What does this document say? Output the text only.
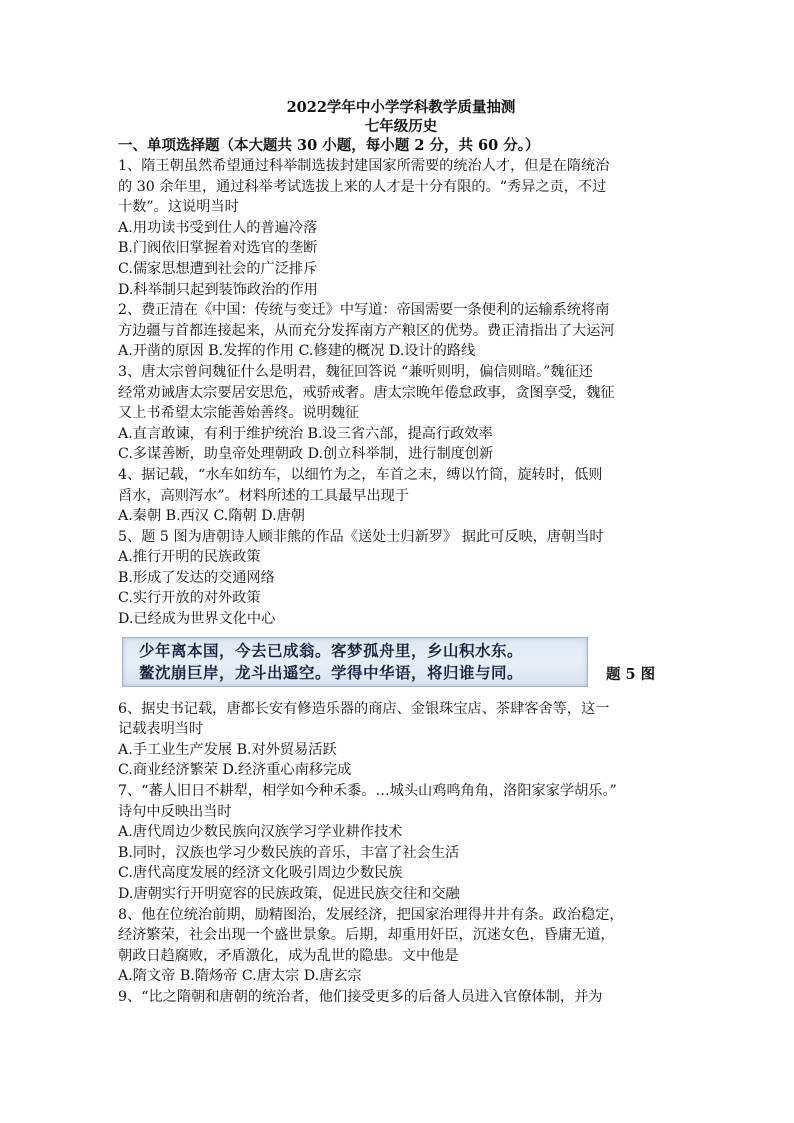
2022学年中小学学科教学质量抽测

七年级历史

一、单项选择题（本大题共 30 小题，每小题 2 分，共 60 分。）

1、隋王朝虽然希望通过科举制选拔封建国家所需要的统治人才，但是在隋统治

的 30 余年里，通过科举考试选拔上来的人才是十分有限的。“秀异之贡，不过

十数”。这说明当时

A.用功读书受到仕人的普遍冷落

B.门阀依旧掌握着对选官的垄断

C.儒家思想遭到社会的广泛排斥

D.科举制只起到装饰政治的作用

2、费正清在《中国：传统与变迁》中写道：帝国需要一条便利的运输系统将南

方边疆与首都连接起来，从而充分发挥南方产粮区的优势。费正清指出了大运河

A.开凿的原因 B.发挥的作用 C.修建的概况 D.设计的路线

3、唐太宗曾问魏征什么是明君，魏征回答说 “兼听则明，偏信则暗。”魏征还

经常劝诫唐太宗要居安思危，戒骄戒奢。唐太宗晚年倦怠政事，贪图享受，魏征

又上书希望太宗能善始善终。说明魏征

A.直言敢谏，有利于维护统治 B.设三省六部，提高行政效率

C.多谋善断，助皇帝处理朝政 D.创立科举制，进行制度创新

4、据记载，“水车如纺车，以细竹为之，车首之末，缚以竹筒，旋转时，低则

舀水，高则泻水”。材料所述的工具最早出现于

A.秦朝 B.西汉 C.隋朝 D.唐朝

5、题 5 图为唐朝诗人顾非熊的作品《送处士归新罗》 据此可反映，唐朝当时

A.推行开明的民族政策

B.形成了发达的交通网络

C.实行开放的对外政策

D.已经成为世界文化中心

少年离本国，今去已成翁。客梦孤舟里，乡山积水东。
鳌沈崩巨岸，龙斗出遥空。学得中华语，将归谁与同。	题 5 图

6、据史书记载，唐都长安有修造乐器的商店、金银珠宝店、茶肆客舍等，这一

记载表明当时

A.手工业生产发展 B.对外贸易活跃

C.商业经济繁荣 D.经济重心南移完成

7、“蕃人旧日不耕犁，相学如今种禾黍。…城头山鸡鸣角角，洛阳家家学胡乐。”

诗句中反映出当时

A.唐代周边少数民族向汉族学习学业耕作技术

B.同时，汉族也学习少数民族的音乐，丰富了社会生活

C.唐代高度发展的经济文化吸引周边少数民族

D.唐朝实行开明宽容的民族政策，促进民族交往和交融

8、他在位统治前期，励精图治，发展经济，把国家治理得井井有条。政治稳定，

经济繁荣，社会出现一个盛世景象。后期，却重用奸臣，沉迷女色，昏庸无道，

朝政日趋腐败，矛盾激化，成为乱世的隐患。文中他是

A.隋文帝 B.隋炀帝 C.唐太宗 D.唐玄宗

9、“比之隋朝和唐朝的统治者，他们接受更多的后备人员进入官僚体制，并为
